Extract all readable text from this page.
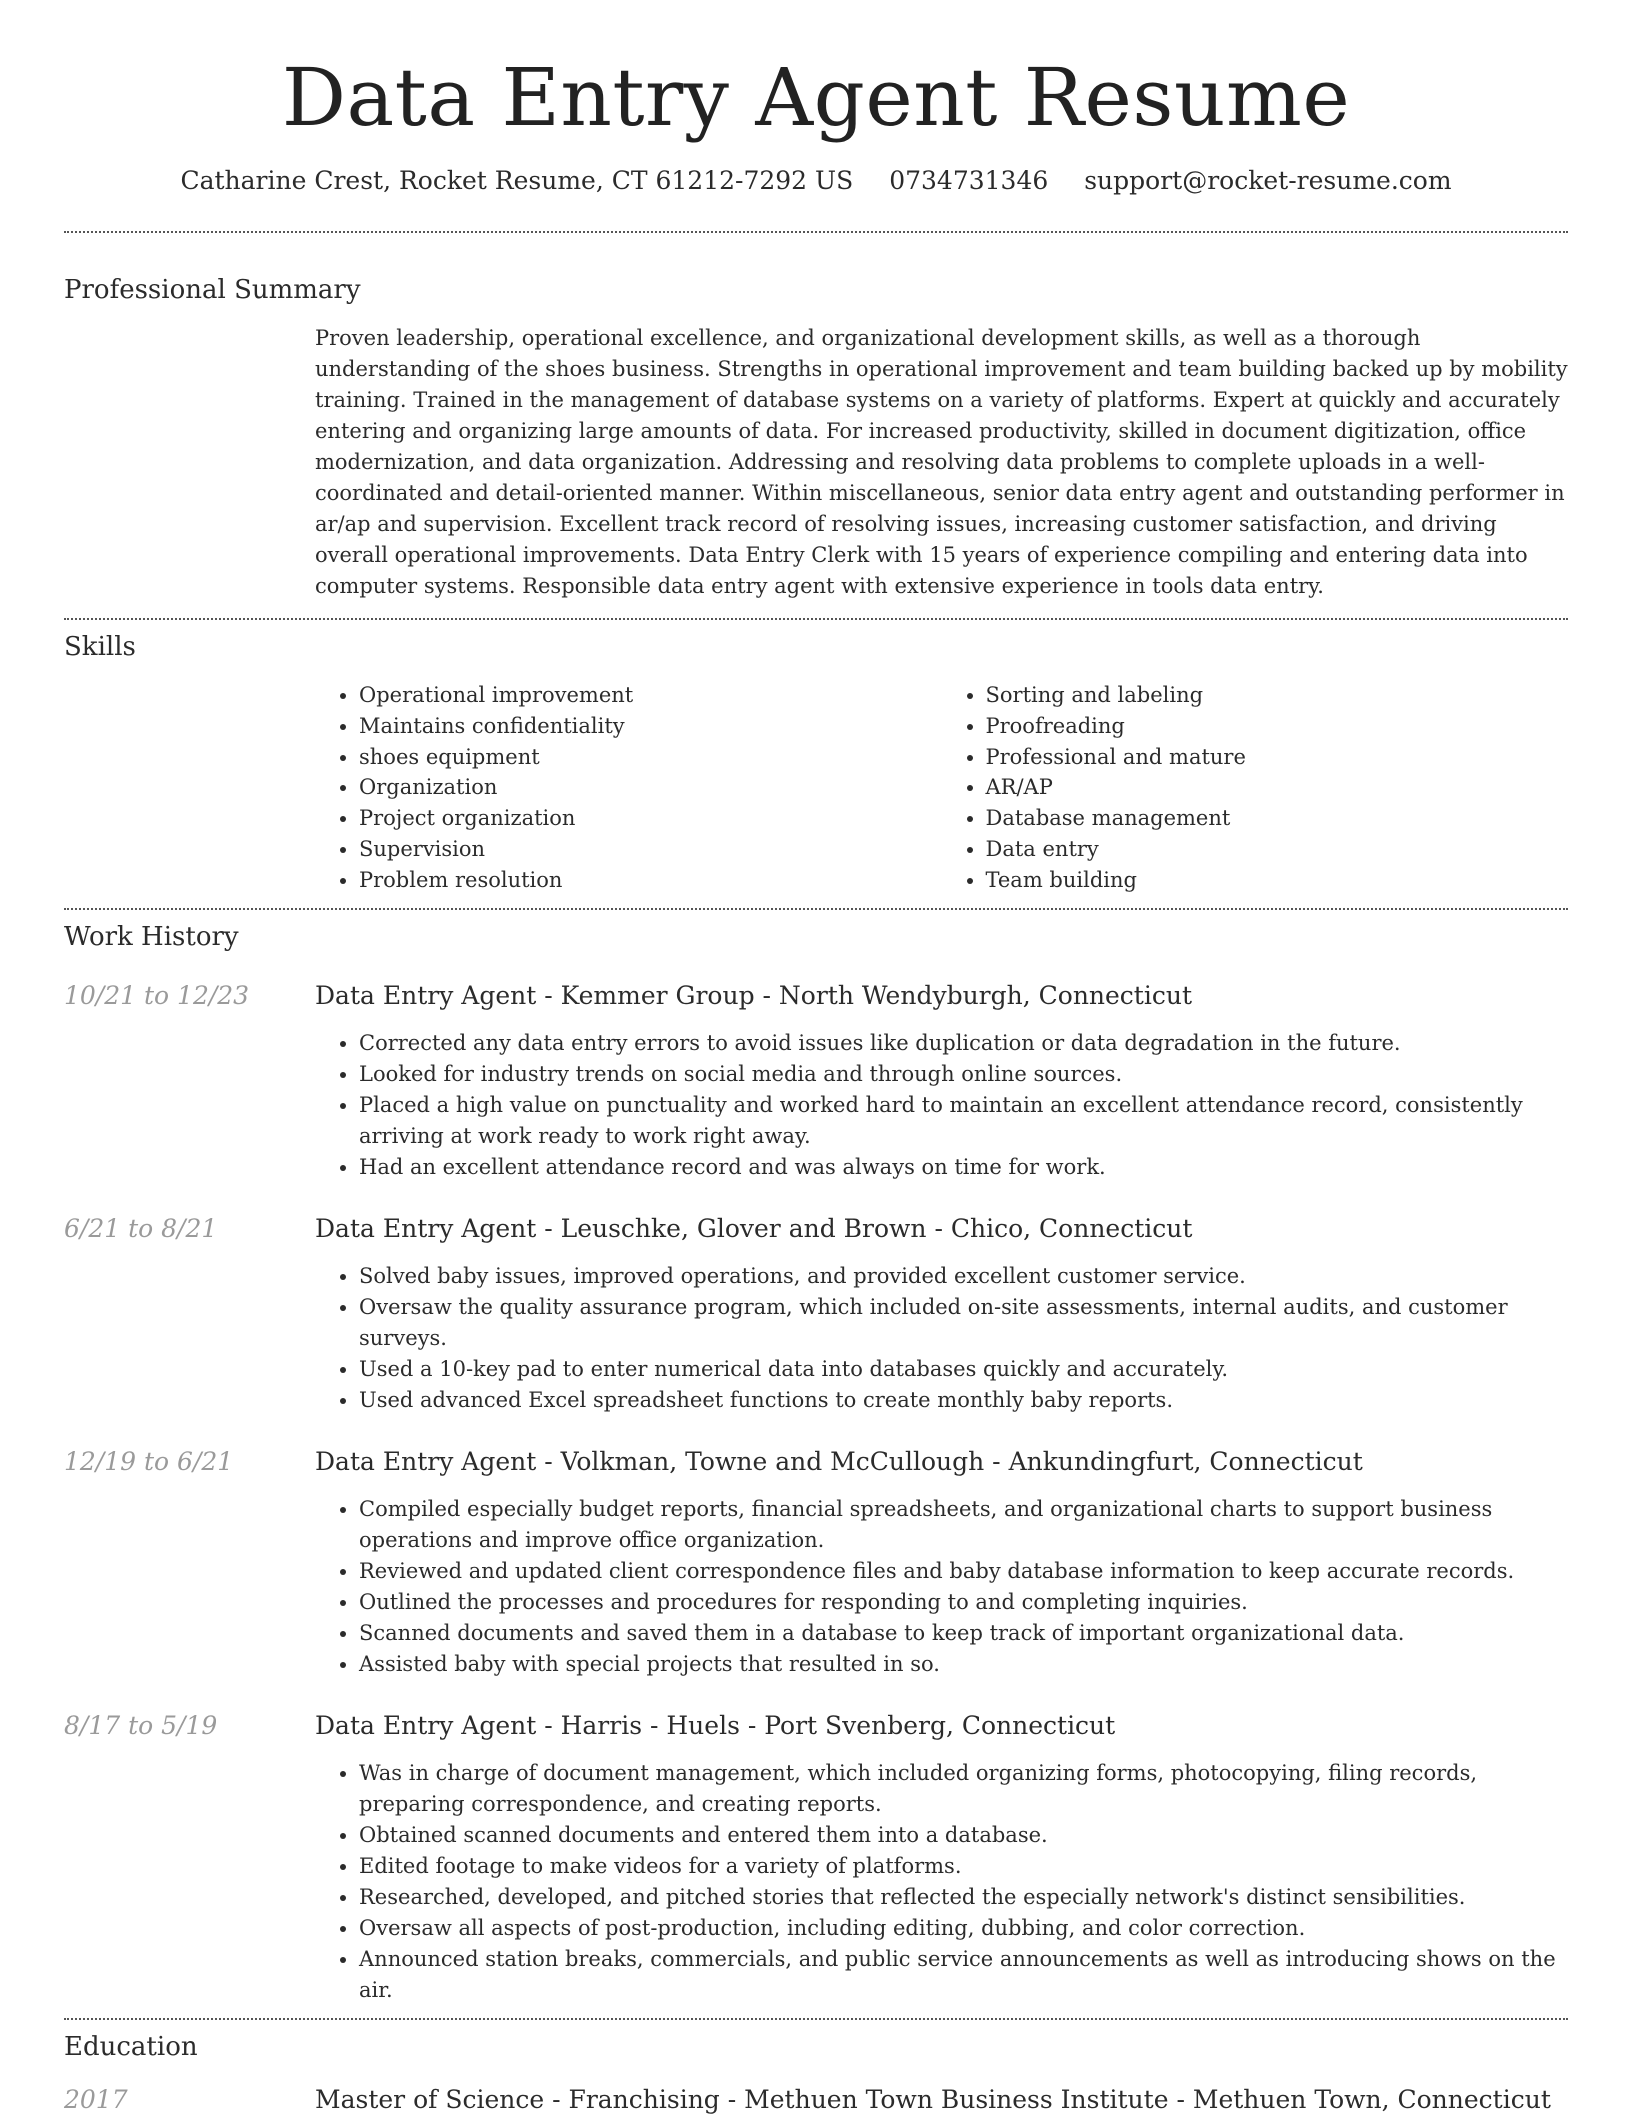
Data Entry Agent Resume
Catharine Crest, Rocket Resume, CT 61212-7292 US 0734731346 support@rocket-resume.com
Professional Summary
Proven leadership, operational excellence, and organizational development skills, as well as a thorough understanding of the shoes business. Strengths in operational improvement and team building backed up by mobility training. Trained in the management of database systems on a variety of platforms. Expert at quickly and accurately entering and organizing large amounts of data. For increased productivity, skilled in document digitization, office modernization, and data organization. Addressing and resolving data problems to complete uploads in a well-coordinated and detail-oriented manner. Within miscellaneous, senior data entry agent and outstanding performer in ar/ap and supervision. Excellent track record of resolving issues, increasing customer satisfaction, and driving overall operational improvements. Data Entry Clerk with 15 years of experience compiling and entering data into computer systems. Responsible data entry agent with extensive experience in tools data entry.
Skills
• Operational improvement
• Maintains confidentiality
• shoes equipment
• Organization
• Project organization
• Supervision
• Problem resolution
• Sorting and labeling
• Proofreading
• Professional and mature
• AR/AP
• Database management
• Data entry
• Team building
Work History
10/21 to 12/23	Data Entry Agent - Kemmer Group - North Wendyburgh, Connecticut
• Corrected any data entry errors to avoid issues like duplication or data degradation in the future.
• Looked for industry trends on social media and through online sources.
• Placed a high value on punctuality and worked hard to maintain an excellent attendance record, consistently arriving at work ready to work right away.
• Had an excellent attendance record and was always on time for work.
6/21 to 8/21	Data Entry Agent - Leuschke, Glover and Brown - Chico, Connecticut
• Solved baby issues, improved operations, and provided excellent customer service.
• Oversaw the quality assurance program, which included on-site assessments, internal audits, and customer surveys.
• Used a 10-key pad to enter numerical data into databases quickly and accurately.
• Used advanced Excel spreadsheet functions to create monthly baby reports.
12/19 to 6/21	Data Entry Agent - Volkman, Towne and McCullough - Ankundingfurt, Connecticut
• Compiled especially budget reports, financial spreadsheets, and organizational charts to support business operations and improve office organization.
• Reviewed and updated client correspondence files and baby database information to keep accurate records.
• Outlined the processes and procedures for responding to and completing inquiries.
• Scanned documents and saved them in a database to keep track of important organizational data.
• Assisted baby with special projects that resulted in so.
8/17 to 5/19	Data Entry Agent - Harris - Huels - Port Svenberg, Connecticut
• Was in charge of document management, which included organizing forms, photocopying, filing records, preparing correspondence, and creating reports.
• Obtained scanned documents and entered them into a database.
• Edited footage to make videos for a variety of platforms.
• Researched, developed, and pitched stories that reflected the especially network's distinct sensibilities.
• Oversaw all aspects of post-production, including editing, dubbing, and color correction.
• Announced station breaks, commercials, and public service announcements as well as introducing shows on the air.
Education
2017	Master of Science - Franchising - Methuen Town Business Institute - Methuen Town, Connecticut
